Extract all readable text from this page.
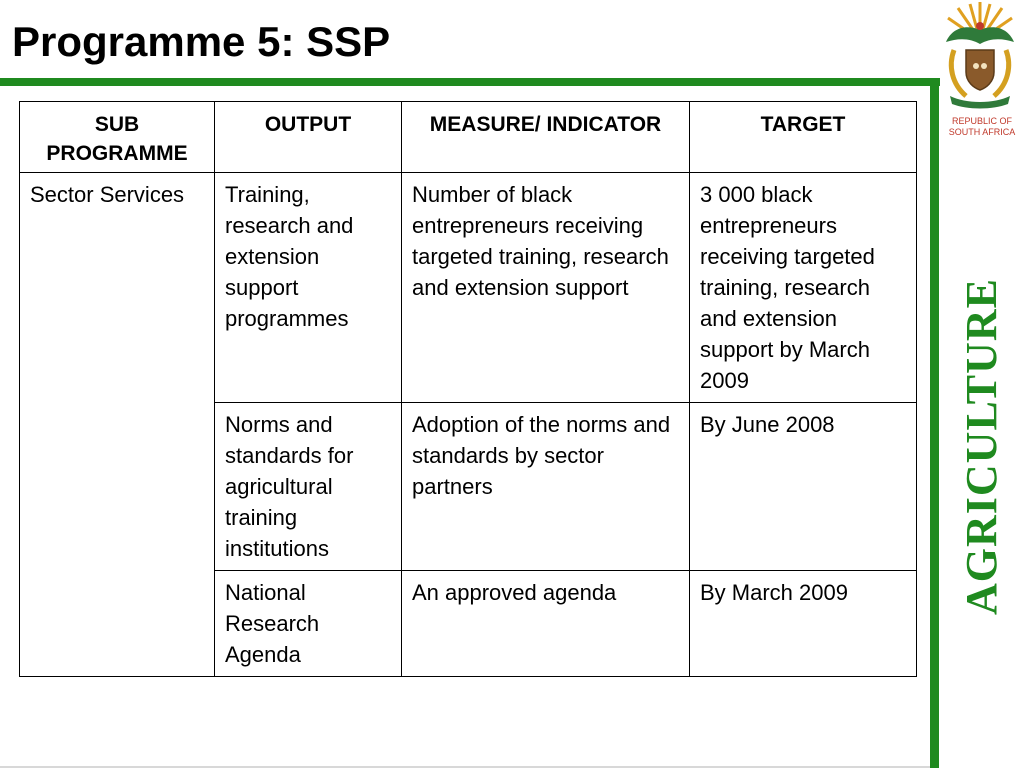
Programme 5: SSP
REPUBLIC OF
SOUTH AFRICA
AGRICULTURE
SUB PROGRAMME	OUTPUT	MEASURE/ INDICATOR	TARGET
Sector Services	Training, research and extension support programmes	Number of black entrepreneurs receiving targeted training, research and extension support	3 000 black entrepreneurs receiving targeted training, research and extension support by March 2009
	Norms and standards for agricultural training institutions	Adoption of the norms and standards by sector partners	By June 2008
	National Research Agenda	An approved agenda	By March 2009
